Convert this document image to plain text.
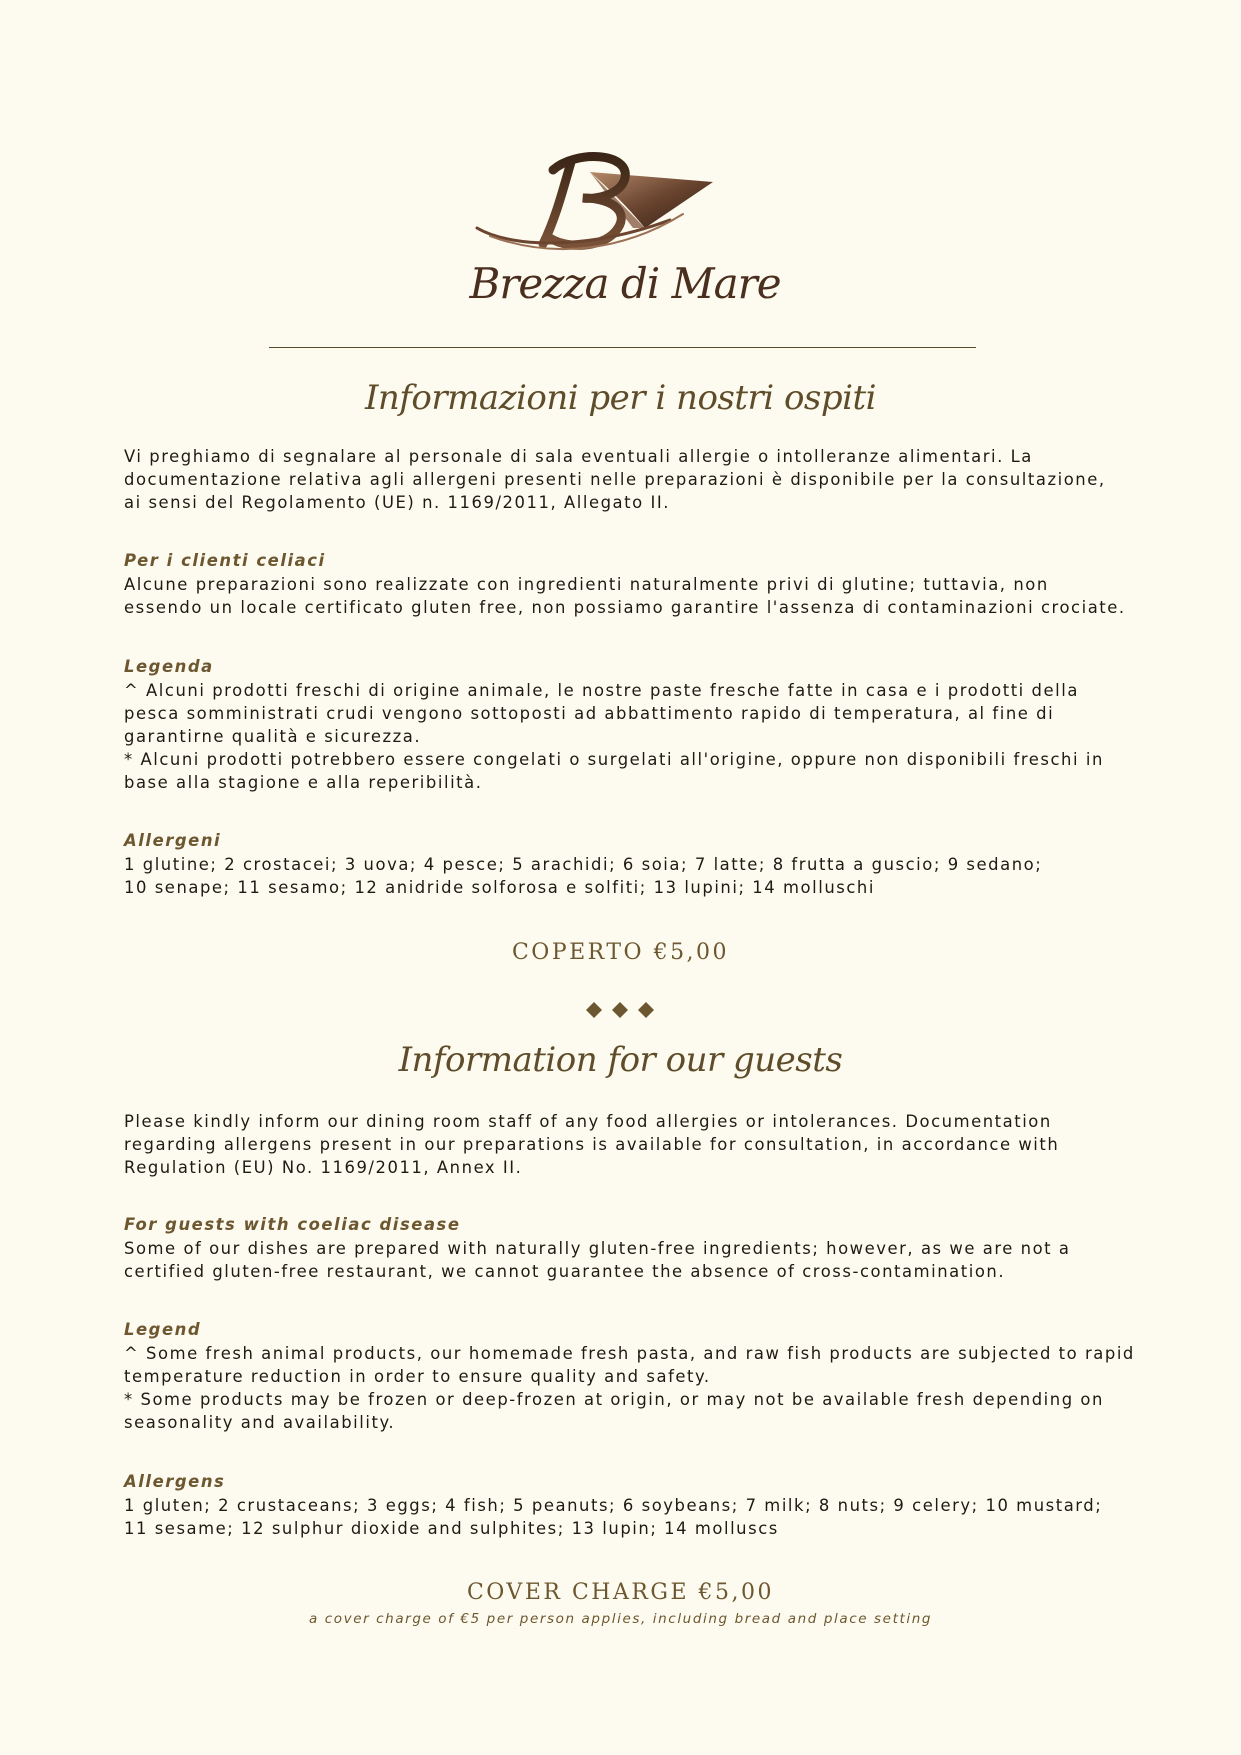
Brezza di Mare
Informazioni per i nostri ospiti

Vi preghiamo di segnalare al personale di sala eventuali allergie o intolleranze alimentari. La

documentazione relativa agli allergeni presenti nelle preparazioni è disponibile per la consultazione,

ai sensi del Regolamento (UE) n. 1169/2011, Allegato II.

Per i clienti celiaci

Alcune preparazioni sono realizzate con ingredienti naturalmente privi di glutine; tuttavia, non

essendo un locale certificato gluten free, non possiamo garantire l'assenza di contaminazioni crociate.

Legenda

^ Alcuni prodotti freschi di origine animale, le nostre paste fresche fatte in casa e i prodotti della

pesca somministrati crudi vengono sottoposti ad abbattimento rapido di temperatura, al fine di

garantirne qualità e sicurezza.

* Alcuni prodotti potrebbero essere congelati o surgelati all'origine, oppure non disponibili freschi in

base alla stagione e alla reperibilità.

Allergeni

1 glutine; 2 crostacei; 3 uova; 4 pesce; 5 arachidi; 6 soia; 7 latte; 8 frutta a guscio; 9 sedano;

10 senape; 11 sesamo; 12 anidride solforosa e solfiti; 13 lupini; 14 molluschi

COPERTO €5,00
Information for our guests

Please kindly inform our dining room staff of any food allergies or intolerances. Documentation

regarding allergens present in our preparations is available for consultation, in accordance with

Regulation (EU) No. 1169/2011, Annex II.

For guests with coeliac disease

Some of our dishes are prepared with naturally gluten-free ingredients; however, as we are not a

certified gluten-free restaurant, we cannot guarantee the absence of cross-contamination.

Legend

^ Some fresh animal products, our homemade fresh pasta, and raw fish products are subjected to rapid

temperature reduction in order to ensure quality and safety.

* Some products may be frozen or deep-frozen at origin, or may not be available fresh depending on

seasonality and availability.

Allergens

1 gluten; 2 crustaceans; 3 eggs; 4 fish; 5 peanuts; 6 soybeans; 7 milk; 8 nuts; 9 celery; 10 mustard;

11 sesame; 12 sulphur dioxide and sulphites; 13 lupin; 14 molluscs

COVER CHARGE €5,00
a cover charge of €5 per person applies, including bread and place setting
